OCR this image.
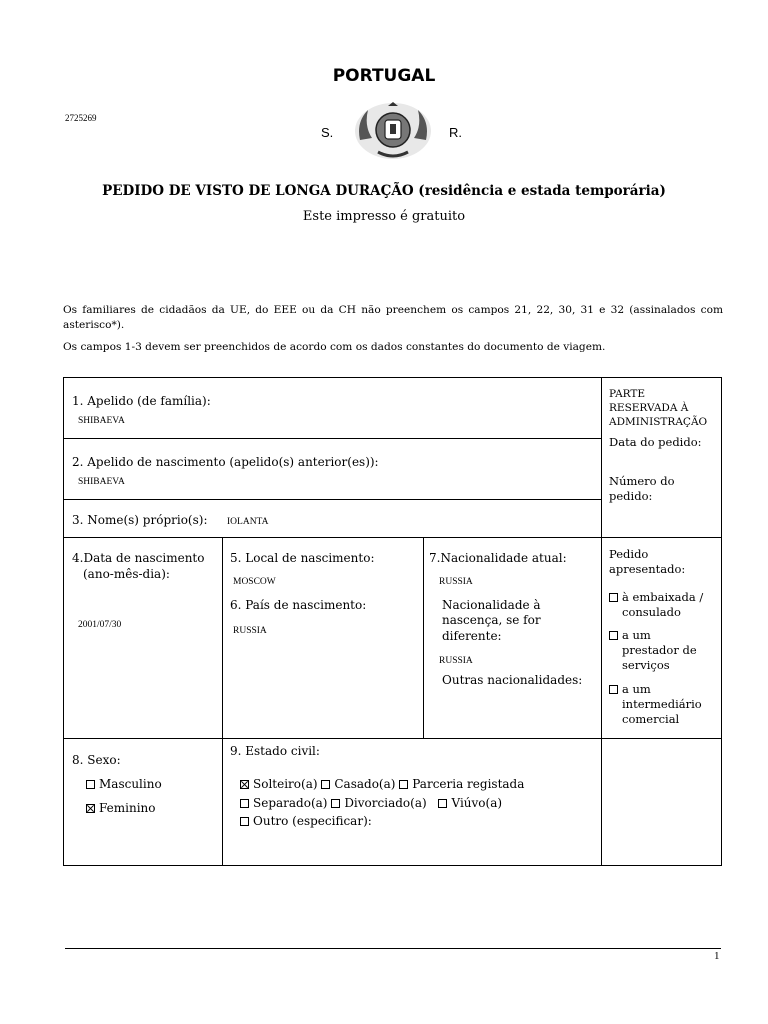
PORTUGAL
2725269
S.	R.
PEDIDO DE VISTO DE LONGA DURAÇÃO (residência e estada temporária)
Este impresso é gratuito
Os familiares de cidadãos da UE, do EEE ou da CH não preenchem os campos 21, 22, 30, 31 e 32 (assinalados com asterisco*).
Os campos 1-3 devem ser preenchidos de acordo com os dados constantes do documento de viagem.
1. Apelido (de família):
SHIBAEVA
2. Apelido de nascimento (apelido(s) anterior(es)):
SHIBAEVA
3. Nome(s) próprio(s): IOLANTA
4.Data de nascimento
(ano-mês-dia):
2001/07/30
5. Local de nascimento:
MOSCOW
6. País de nascimento:
RUSSIA
7.Nacionalidade atual:
RUSSIA
Nacionalidade à
nascença, se for
diferente:
RUSSIA
Outras nacionalidades:
8. Sexo:
Masculino
Feminino
9. Estado civil:
Solteiro(a) Casado(a) Parceria registada
Separado(a) Divorciado(a) Viúvo(a)
Outro (especificar):
PARTE
RESERVADA À
ADMINISTRAÇÃO
Data do pedido:
Número do
pedido:
Pedido
apresentado:
à embaixada /
consulado
a um
prestador de
serviços
a um
intermediário
comercial
1
